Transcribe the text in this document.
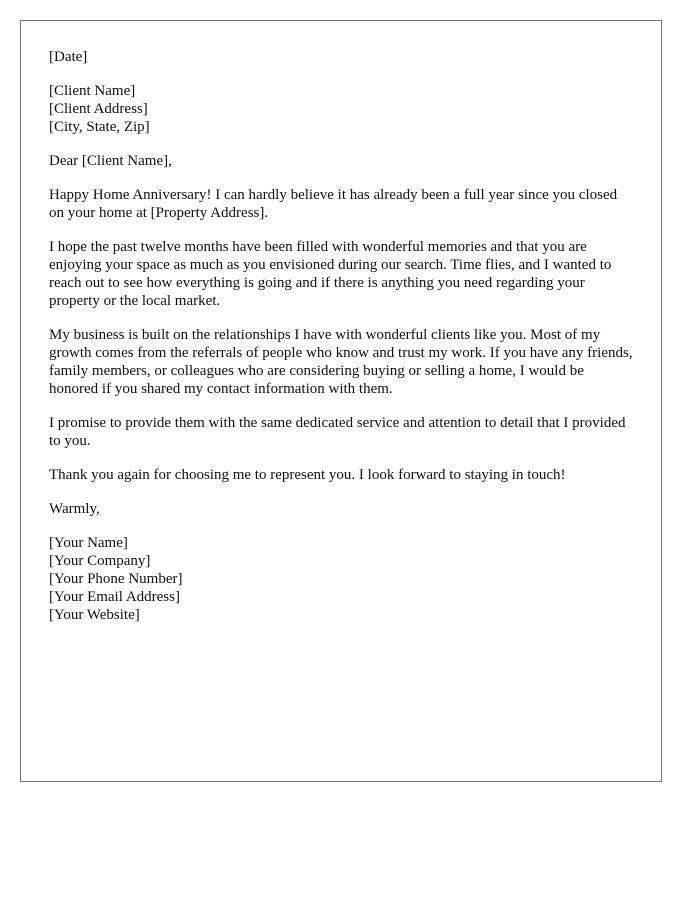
[Date]
[Client Name]
[Client Address]
[City, State, Zip]
Dear [Client Name],

Happy Home Anniversary! I can hardly believe it has already been a full year since you closed on your home at [Property Address].

I hope the past twelve months have been filled with wonderful memories and that you are enjoying your space as much as you envisioned during our search. Time flies, and I wanted to reach out to see how everything is going and if there is anything you need regarding your property or the local market.

My business is built on the relationships I have with wonderful clients like you. Most of my growth comes from the referrals of people who know and trust my work. If you have any friends, family members, or colleagues who are considering buying or selling a home, I would be honored if you shared my contact information with them.

I promise to provide them with the same dedicated service and attention to detail that I provided to you.

Thank you again for choosing me to represent you. I look forward to staying in touch!

Warmly,
[Your Name]
[Your Company]
[Your Phone Number]
[Your Email Address]
[Your Website]
